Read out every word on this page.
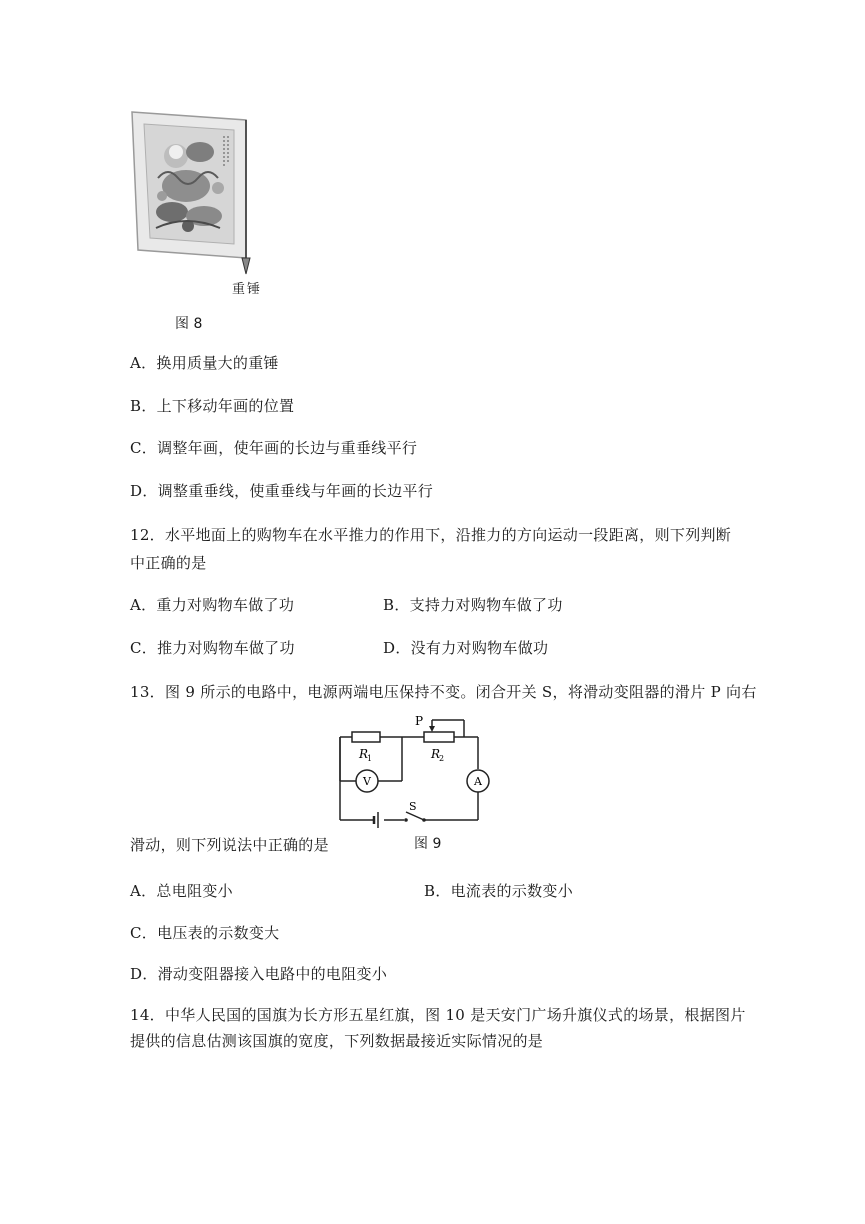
重锤
图 8
A．换用质量大的重锤
B．上下移动年画的位置
C．调整年画，使年画的长边与重垂线平行
D．调整重垂线，使重垂线与年画的长边平行
12．水平地面上的购物车在水平推力的作用下，沿推力的方向运动一段距离，则下列判断
中正确的是
A．重力对购物车做了功	B．支持力对购物车做了功
C．推力对购物车做了功	D．没有力对购物车做功
13．图 9 所示的电路中，电源两端电压保持不变。闭合开关 S，将滑动变阻器的滑片 P 向右
P
R
1	R
2
V	A
S
图 9
滑动，则下列说法中正确的是
A．总电阻变小	B．电流表的示数变小
C．电压表的示数变大
D．滑动变阻器接入电路中的电阻变小
14．中华人民国的国旗为长方形五星红旗，图 10 是天安门广场升旗仪式的场景，根据图片
提供的信息估测该国旗的宽度，下列数据最接近实际情况的是
